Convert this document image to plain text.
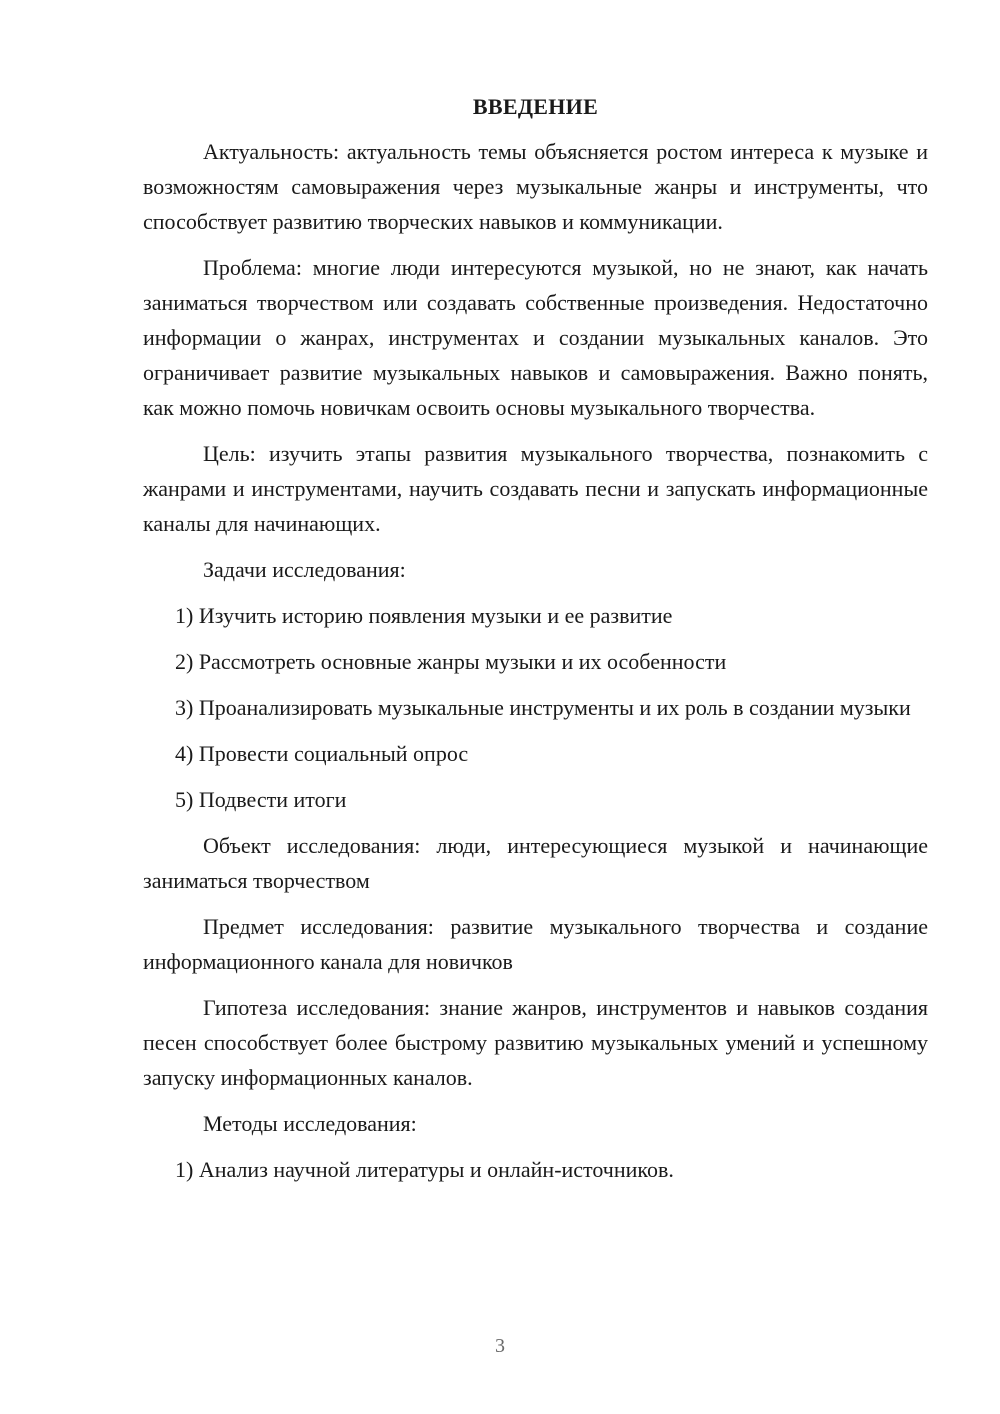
ВВЕДЕНИЕ

Актуальность: актуальность темы объясняется ростом интереса к музыке и возможностям самовыражения через музыкальные жанры и инструменты, что способствует развитию творческих навыков и коммуникации.

Проблема: многие люди интересуются музыкой, но не знают, как начать заниматься творчеством или создавать собственные произведения. Недостаточно информации о жанрах, инструментах и создании музыкальных каналов. Это ограничивает развитие музыкальных навыков и самовыражения. Важно понять, как можно помочь новичкам освоить основы музыкального творчества.

Цель: изучить этапы развития музыкального творчества, познакомить с жанрами и инструментами, научить создавать песни и запускать информационные каналы для начинающих.

Задачи исследования:

1) Изучить историю появления музыки и ее развитие

2) Рассмотреть основные жанры музыки и их особенности

3) Проанализировать музыкальные инструменты и их роль в создании музыки

4) Провести социальный опрос

5) Подвести итоги

Объект исследования: люди, интересующиеся музыкой и начинающие заниматься творчеством

Предмет исследования: развитие музыкального творчества и создание информационного канала для новичков

Гипотеза исследования: знание жанров, инструментов и навыков создания песен способствует более быстрому развитию музыкальных умений и успешному запуску информационных каналов.

Методы исследования:

1) Анализ научной литературы и онлайн-источников.

3
